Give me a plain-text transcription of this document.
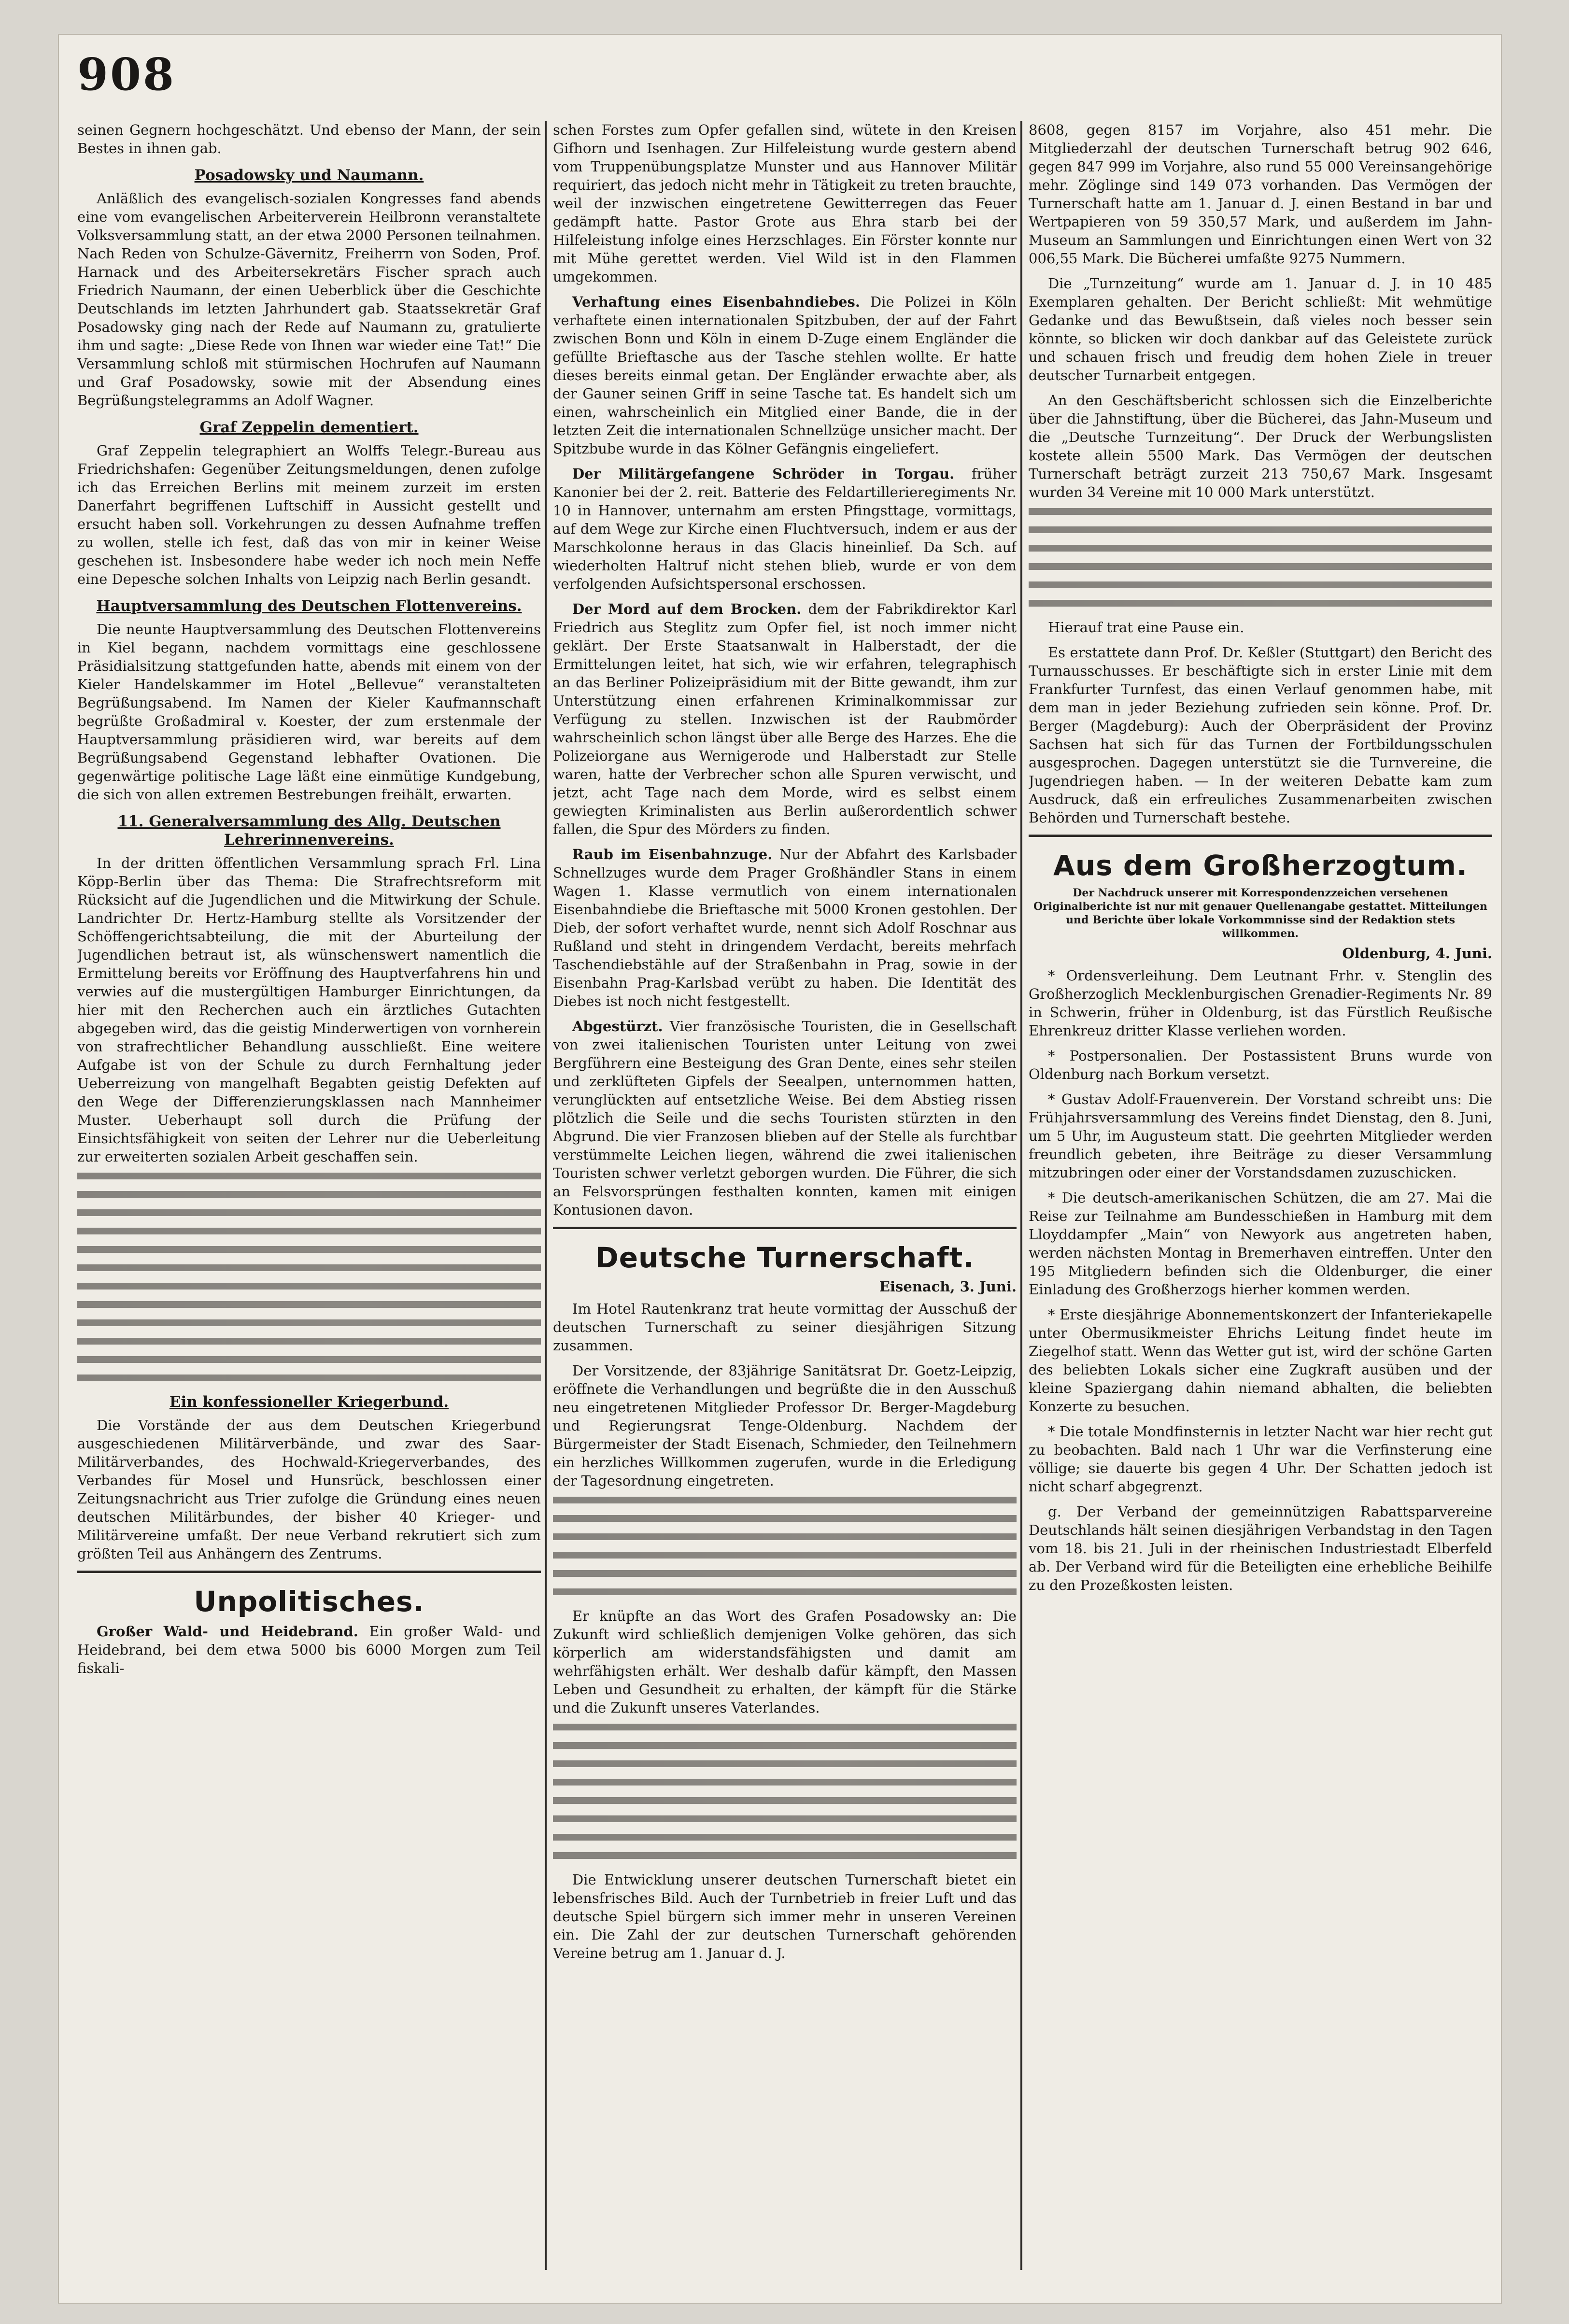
908

seinen Gegnern hochgeschätzt. Und ebenso der Mann, der sein Bestes in ihnen gab.

Posadowsky und Naumann.

Anläßlich des evangelisch-sozialen Kongresses fand abends eine vom evangelischen Arbeiterverein Heilbronn veranstaltete Volksversammlung statt, an der etwa 2000 Personen teilnahmen. Nach Reden von Schulze-Gävernitz, Freiherrn von Soden, Prof. Harnack und des Arbeitersekretärs Fischer sprach auch Friedrich Naumann, der einen Ueberblick über die Geschichte Deutschlands im letzten Jahrhundert gab. Staatssekretär Graf Posadowsky ging nach der Rede auf Naumann zu, gratulierte ihm und sagte: „Diese Rede von Ihnen war wieder eine Tat!“ Die Versammlung schloß mit stürmischen Hochrufen auf Naumann und Graf Posadowsky, sowie mit der Absendung eines Begrüßungstelegramms an Adolf Wagner.

Graf Zeppelin dementiert.

Graf Zeppelin telegraphiert an Wolffs Telegr.-Bureau aus Friedrichshafen: Gegenüber Zeitungsmeldungen, denen zufolge ich das Erreichen Berlins mit meinem zurzeit im ersten Danerfahrt begriffenen Luftschiff in Aussicht gestellt und ersucht haben soll. Vorkehrungen zu dessen Aufnahme treffen zu wollen, stelle ich fest, daß das von mir in keiner Weise geschehen ist. Insbesondere habe weder ich noch mein Neffe eine Depesche solchen Inhalts von Leipzig nach Berlin gesandt.

Hauptversammlung des Deutschen Flottenvereins.

Die neunte Hauptversammlung des Deutschen Flottenvereins in Kiel begann, nachdem vormittags eine geschlossene Präsidialsitzung stattgefunden hatte, abends mit einem von der Kieler Handelskammer im Hotel „Bellevue“ veranstalteten Begrüßungsabend. Im Namen der Kieler Kaufmannschaft begrüßte Großadmiral v. Koester, der zum erstenmale der Hauptversammlung präsidieren wird, war bereits auf dem Begrüßungsabend Gegenstand lebhafter Ovationen. Die gegenwärtige politische Lage läßt eine einmütige Kundgebung, die sich von allen extremen Bestrebungen freihält, erwarten.

11. Generalversammlung des Allg. Deutschen Lehrerinnenvereins.

In der dritten öffentlichen Versammlung sprach Frl. Lina Köpp-Berlin über das Thema: Die Strafrechtsreform mit Rücksicht auf die Jugendlichen und die Mitwirkung der Schule. Landrichter Dr. Hertz-Hamburg stellte als Vorsitzender der Schöffengerichtsabteilung, die mit der Aburteilung der Jugendlichen betraut ist, als wünschenswert namentlich die Ermittelung bereits vor Eröffnung des Hauptverfahrens hin und verwies auf die mustergültigen Hamburger Einrichtungen, da hier mit den Recherchen auch ein ärztliches Gutachten abgegeben wird, das die geistig Minderwertigen von vornherein von strafrechtlicher Behandlung ausschließt. Eine weitere Aufgabe ist von der Schule zu durch Fernhaltung jeder Ueberreizung von mangelhaft Begabten geistig Defekten auf den Wege der Differenzierungsklassen nach Mannheimer Muster. Ueberhaupt soll durch die Prüfung der Einsichtsfähigkeit von seiten der Lehrer nur die Ueberleitung zur erweiterten sozialen Arbeit geschaffen sein.

Ein konfessioneller Kriegerbund.

Die Vorstände der aus dem Deutschen Kriegerbund ausgeschiedenen Militärverbände, und zwar des Saar-Militärverbandes, des Hochwald-Kriegerverbandes, des Verbandes für Mosel und Hunsrück, beschlossen einer Zeitungsnachricht aus Trier zufolge die Gründung eines neuen deutschen Militärbundes, der bisher 40 Krieger- und Militärvereine umfaßt. Der neue Verband rekrutiert sich zum größten Teil aus Anhängern des Zentrums.

Unpolitisches.

Großer Wald- und Heidebrand. Ein großer Wald- und Heidebrand, bei dem etwa 5000 bis 6000 Morgen zum Teil fiskali-

schen Forstes zum Opfer gefallen sind, wütete in den Kreisen Gifhorn und Isenhagen. Zur Hilfeleistung wurde gestern abend vom Truppenübungsplatze Munster und aus Hannover Militär requiriert, das jedoch nicht mehr in Tätigkeit zu treten brauchte, weil der inzwischen eingetretene Gewitterregen das Feuer gedämpft hatte. Pastor Grote aus Ehra starb bei der Hilfeleistung infolge eines Herzschlages. Ein Förster konnte nur mit Mühe gerettet werden. Viel Wild ist in den Flammen umgekommen.

Verhaftung eines Eisenbahndiebes. Die Polizei in Köln verhaftete einen internationalen Spitzbuben, der auf der Fahrt zwischen Bonn und Köln in einem D-Zuge einem Engländer die gefüllte Brieftasche aus der Tasche stehlen wollte. Er hatte dieses bereits einmal getan. Der Engländer erwachte aber, als der Gauner seinen Griff in seine Tasche tat. Es handelt sich um einen, wahrscheinlich ein Mitglied einer Bande, die in der letzten Zeit die internationalen Schnellzüge unsicher macht. Der Spitzbube wurde in das Kölner Gefängnis eingeliefert.

Der Militärgefangene Schröder in Torgau. früher Kanonier bei der 2. reit. Batterie des Feldartillerieregiments Nr. 10 in Hannover, unternahm am ersten Pfingsttage, vormittags, auf dem Wege zur Kirche einen Fluchtversuch, indem er aus der Marschkolonne heraus in das Glacis hineinlief. Da Sch. auf wiederholten Haltruf nicht stehen blieb, wurde er von dem verfolgenden Aufsichtspersonal erschossen.

Der Mord auf dem Brocken. dem der Fabrikdirektor Karl Friedrich aus Steglitz zum Opfer fiel, ist noch immer nicht geklärt. Der Erste Staatsanwalt in Halberstadt, der die Ermittelungen leitet, hat sich, wie wir erfahren, telegraphisch an das Berliner Polizeipräsidium mit der Bitte gewandt, ihm zur Unterstützung einen erfahrenen Kriminalkommissar zur Verfügung zu stellen. Inzwischen ist der Raubmörder wahrscheinlich schon längst über alle Berge des Harzes. Ehe die Polizeiorgane aus Wernigerode und Halberstadt zur Stelle waren, hatte der Verbrecher schon alle Spuren verwischt, und jetzt, acht Tage nach dem Morde, wird es selbst einem gewiegten Kriminalisten aus Berlin außerordentlich schwer fallen, die Spur des Mörders zu finden.

Raub im Eisenbahnzuge. Nur der Abfahrt des Karlsbader Schnellzuges wurde dem Prager Großhändler Stans in einem Wagen 1. Klasse vermutlich von einem internationalen Eisenbahndiebe die Brieftasche mit 5000 Kronen gestohlen. Der Dieb, der sofort verhaftet wurde, nennt sich Adolf Roschnar aus Rußland und steht in dringendem Verdacht, bereits mehrfach Taschendiebstähle auf der Straßenbahn in Prag, sowie in der Eisenbahn Prag-Karlsbad verübt zu haben. Die Identität des Diebes ist noch nicht festgestellt.

Abgestürzt. Vier französische Touristen, die in Gesellschaft von zwei italienischen Touristen unter Leitung von zwei Bergführern eine Besteigung des Gran Dente, eines sehr steilen und zerklüfteten Gipfels der Seealpen, unternommen hatten, verunglückten auf entsetzliche Weise. Bei dem Abstieg rissen plötzlich die Seile und die sechs Touristen stürzten in den Abgrund. Die vier Franzosen blieben auf der Stelle als furchtbar verstümmelte Leichen liegen, während die zwei italienischen Touristen schwer verletzt geborgen wurden. Die Führer, die sich an Felsvorsprüngen festhalten konnten, kamen mit einigen Kontusionen davon.

Deutsche Turnerschaft.
Eisenach, 3. Juni.

Im Hotel Rautenkranz trat heute vormittag der Ausschuß der deutschen Turnerschaft zu seiner diesjährigen Sitzung zusammen.

Der Vorsitzende, der 83jährige Sanitätsrat Dr. Goetz-Leipzig, eröffnete die Verhandlungen und begrüßte die in den Ausschuß neu eingetretenen Mitglieder Professor Dr. Berger-Magdeburg und Regierungsrat Tenge-Oldenburg. Nachdem der Bürgermeister der Stadt Eisenach, Schmieder, den Teilnehmern ein herzliches Willkommen zugerufen, wurde in die Erledigung der Tagesordnung eingetreten.

Er knüpfte an das Wort des Grafen Posadowsky an: Die Zukunft wird schließlich demjenigen Volke gehören, das sich körperlich am widerstandsfähigsten und damit am wehrfähigsten erhält. Wer deshalb dafür kämpft, den Massen Leben und Gesundheit zu erhalten, der kämpft für die Stärke und die Zukunft unseres Vaterlandes.

Die Entwicklung unserer deutschen Turnerschaft bietet ein lebensfrisches Bild. Auch der Turnbetrieb in freier Luft und das deutsche Spiel bürgern sich immer mehr in unseren Vereinen ein. Die Zahl der zur deutschen Turnerschaft gehörenden Vereine betrug am 1. Januar d. J.

8608, gegen 8157 im Vorjahre, also 451 mehr. Die Mitgliederzahl der deutschen Turnerschaft betrug 902 646, gegen 847 999 im Vorjahre, also rund 55 000 Vereinsangehörige mehr. Zöglinge sind 149 073 vorhanden. Das Vermögen der Turnerschaft hatte am 1. Januar d. J. einen Bestand in bar und Wertpapieren von 59 350,57 Mark, und außerdem im Jahn-Museum an Sammlungen und Einrichtungen einen Wert von 32 006,55 Mark. Die Bücherei umfaßte 9275 Nummern.

Die „Turnzeitung“ wurde am 1. Januar d. J. in 10 485 Exemplaren gehalten. Der Bericht schließt: Mit wehmütige Gedanke und das Bewußtsein, daß vieles noch besser sein könnte, so blicken wir doch dankbar auf das Geleistete zurück und schauen frisch und freudig dem hohen Ziele in treuer deutscher Turnarbeit entgegen.

An den Geschäftsbericht schlossen sich die Einzelberichte über die Jahnstiftung, über die Bücherei, das Jahn-Museum und die „Deutsche Turnzeitung“. Der Druck der Werbungslisten kostete allein 5500 Mark. Das Vermögen der deutschen Turnerschaft beträgt zurzeit 213 750,67 Mark. Insgesamt wurden 34 Vereine mit 10 000 Mark unterstützt.

Hierauf trat eine Pause ein.

Es erstattete dann Prof. Dr. Keßler (Stuttgart) den Bericht des Turnausschusses. Er beschäftigte sich in erster Linie mit dem Frankfurter Turnfest, das einen Verlauf genommen habe, mit dem man in jeder Beziehung zufrieden sein könne. Prof. Dr. Berger (Magdeburg): Auch der Oberpräsident der Provinz Sachsen hat sich für das Turnen der Fortbildungsschulen ausgesprochen. Dagegen unterstützt sie die Turnvereine, die Jugendriegen haben. — In der weiteren Debatte kam zum Ausdruck, daß ein erfreuliches Zusammenarbeiten zwischen Behörden und Turnerschaft bestehe.

Aus dem Großherzogtum.
Der Nachdruck unserer mit Korrespondenzzeichen versehenen Originalberichte ist nur mit genauer Quellenangabe gestattet. Mitteilungen und Berichte über lokale Vorkommnisse sind der Redaktion stets willkommen.
Oldenburg, 4. Juni.

* Ordensverleihung. Dem Leutnant Frhr. v. Stenglin des Großherzoglich Mecklenburgischen Grenadier-Regiments Nr. 89 in Schwerin, früher in Oldenburg, ist das Fürstlich Reußische Ehrenkreuz dritter Klasse verliehen worden.

* Postpersonalien. Der Postassistent Bruns wurde von Oldenburg nach Borkum versetzt.

* Gustav Adolf-Frauenverein. Der Vorstand schreibt uns: Die Frühjahrsversammlung des Vereins findet Dienstag, den 8. Juni, um 5 Uhr, im Augusteum statt. Die geehrten Mitglieder werden freundlich gebeten, ihre Beiträge zu dieser Versammlung mitzubringen oder einer der Vorstandsdamen zuzuschicken.

* Die deutsch-amerikanischen Schützen, die am 27. Mai die Reise zur Teilnahme am Bundesschießen in Hamburg mit dem Lloyddampfer „Main“ von Newyork aus angetreten haben, werden nächsten Montag in Bremerhaven eintreffen. Unter den 195 Mitgliedern befinden sich die Oldenburger, die einer Einladung des Großherzogs hierher kommen werden.

* Erste diesjährige Abonnementskonzert der Infanteriekapelle unter Obermusikmeister Ehrichs Leitung findet heute im Ziegelhof statt. Wenn das Wetter gut ist, wird der schöne Garten des beliebten Lokals sicher eine Zugkraft ausüben und der kleine Spaziergang dahin niemand abhalten, die beliebten Konzerte zu besuchen.

* Die totale Mondfinsternis in letzter Nacht war hier recht gut zu beobachten. Bald nach 1 Uhr war die Verfinsterung eine völlige; sie dauerte bis gegen 4 Uhr. Der Schatten jedoch ist nicht scharf abgegrenzt.

g. Der Verband der gemeinnützigen Rabattsparvereine Deutschlands hält seinen diesjährigen Verbandstag in den Tagen vom 18. bis 21. Juli in der rheinischen Industriestadt Elberfeld ab. Der Verband wird für die Beteiligten eine erhebliche Beihilfe zu den Prozeßkosten leisten.
